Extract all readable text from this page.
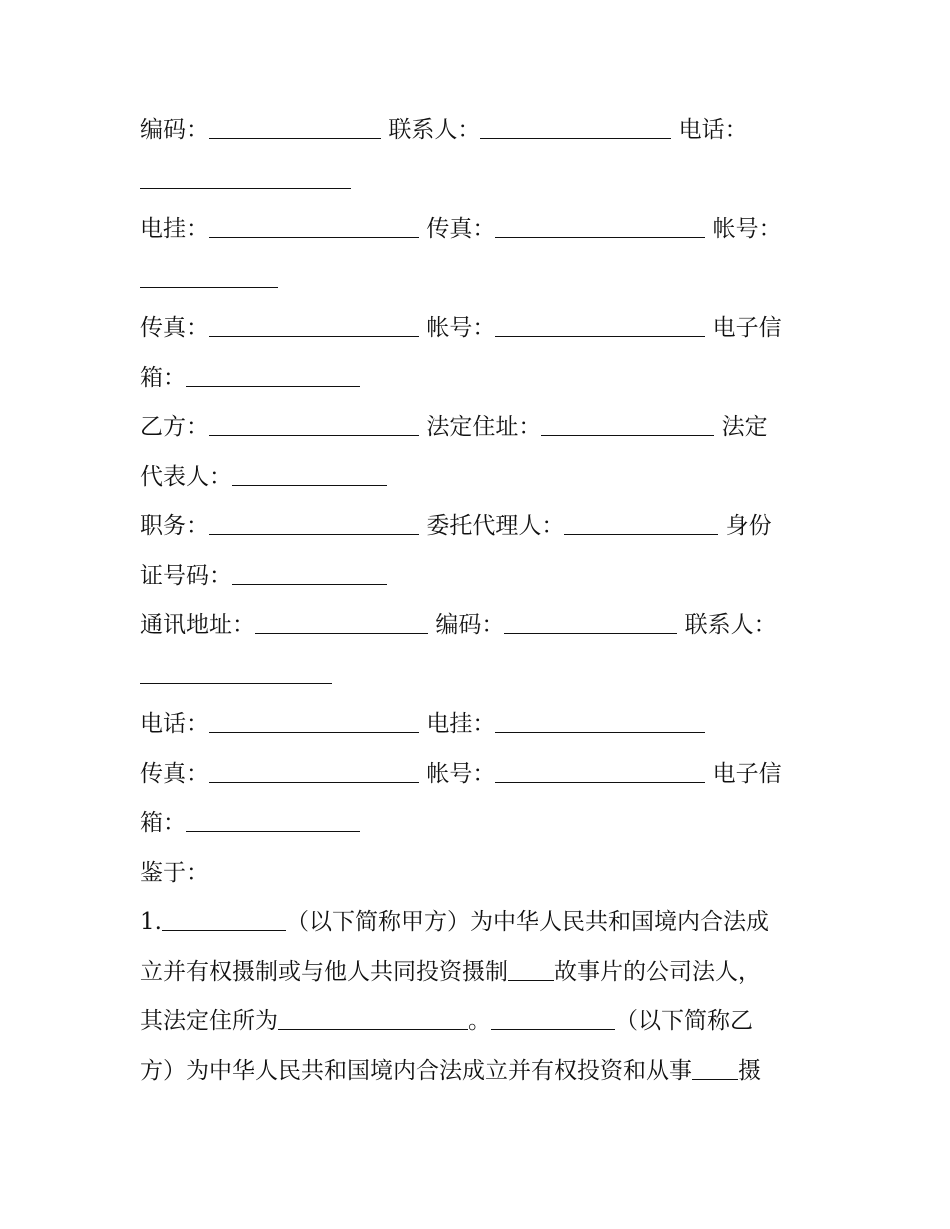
编码：	联系人：	电话：
电挂：	传真：	帐号：
传真：	帐号：	电子信
箱：
乙方：	法定住址：	法定
代表人：
职务：	委托代理人：	身份
证号码：
通讯地址：	编码：	联系人：
电话：	电挂：
传真：	帐号：	电子信
箱：
鉴于：
1.	（以下简称甲方）为中华人民共和国境内合法成
立并有权摄制或与他人共同投资摄制 故事片的公司法人，
其法定住所为	。	（以下简称乙
方）为中华人民共和国境内合法成立并有权投资和从事 摄
